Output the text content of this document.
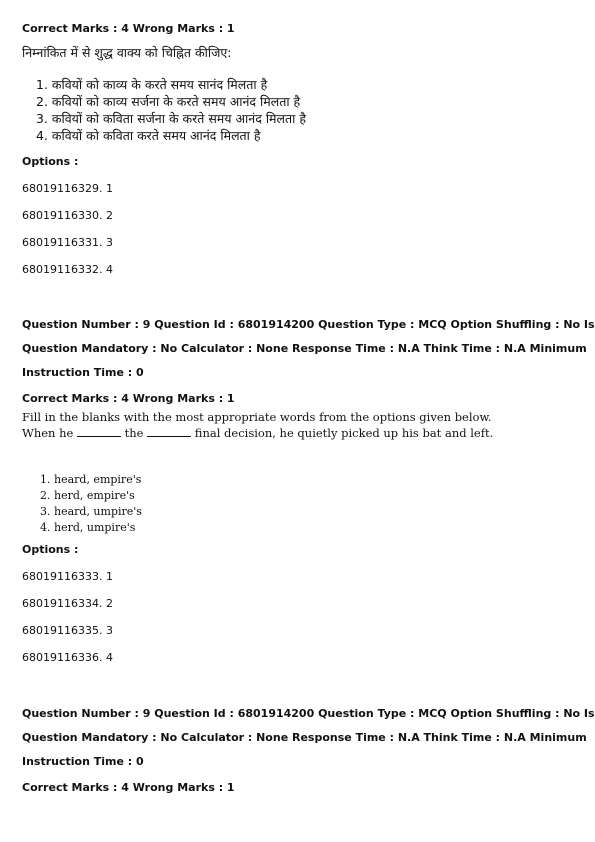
Correct Marks : 4 Wrong Marks : 1
निम्नांकित में से शुद्ध वाक्य को चिह्नित कीजिए:
1. कवियों को काव्य के करते समय सानंद मिलता है
2. कवियों को काव्य सर्जना के करते समय आनंद मिलता है
3. कवियों को कविता सर्जना के करते समय आनंद मिलता है
4. कवियों को कविता करते समय आनंद मिलता है
Options :
68019116329. 1
68019116330. 2
68019116331. 3
68019116332. 4
Question Number : 9 Question Id : 6801914200 Question Type : MCQ Option Shuffling : No Is
Question Mandatory : No Calculator : None Response Time : N.A Think Time : N.A Minimum
Instruction Time : 0
Correct Marks : 4 Wrong Marks : 1
Fill in the blanks with the most appropriate words from the options given below.
When he	the	final decision, he quietly picked up his bat and left.
1. heard, empire's
2. herd, empire's
3. heard, umpire's
4. herd, umpire's
Options :
68019116333. 1
68019116334. 2
68019116335. 3
68019116336. 4
Question Number : 9 Question Id : 6801914200 Question Type : MCQ Option Shuffling : No Is
Question Mandatory : No Calculator : None Response Time : N.A Think Time : N.A Minimum
Instruction Time : 0
Correct Marks : 4 Wrong Marks : 1
